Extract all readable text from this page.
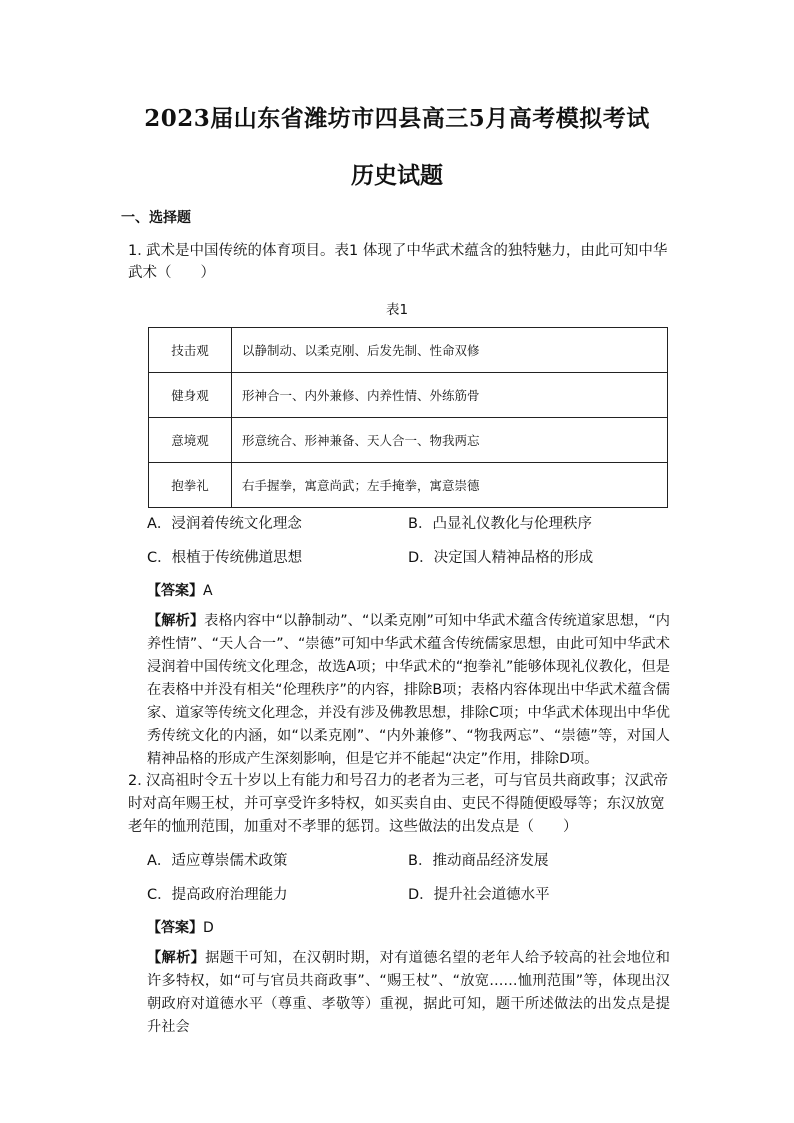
2023届山东省潍坊市四县高三5月高考模拟考试
历史试题
一、选择题
1．武术是中国传统的体育项目。表1 体现了中华武术蕴含的独特魅力，由此可知中华武术（　　）
表1
技击观	以静制动、以柔克刚、后发先制、性命双修
健身观	形神合一、内外兼修、内养性情、外练筋骨
意境观	形意统合、形神兼备、天人合一、物我两忘
抱拳礼	右手握拳，寓意尚武；左手掩拳，寓意崇德
A．浸润着传统文化理念	B．凸显礼仪教化与伦理秩序
C．根植于传统佛道思想	D．决定国人精神品格的形成
【答案】A
【解析】表格内容中“以静制动”、“以柔克刚”可知中华武术蕴含传统道家思想，“内养性情”、“天人合一”、“崇德”可知中华武术蕴含传统儒家思想，由此可知中华武术浸润着中国传统文化理念，故选A项；中华武术的“抱拳礼”能够体现礼仪教化，但是在表格中并没有相关“伦理秩序”的内容，排除B项；表格内容体现出中华武术蕴含儒家、道家等传统文化理念，并没有涉及佛教思想，排除C项；中华武术体现出中华优秀传统文化的内涵，如“以柔克刚”、“内外兼修”、“物我两忘”、“崇德”等，对国人精神品格的形成产生深刻影响，但是它并不能起“决定”作用，排除D项。
2．汉高祖时令五十岁以上有能力和号召力的老者为三老，可与官员共商政事；汉武帝时对高年赐王杖，并可享受许多特权，如买卖自由、吏民不得随便殴辱等；东汉放宽老年的恤刑范围，加重对不孝罪的惩罚。这些做法的出发点是（　　）
A．适应尊崇儒术政策	B．推动商品经济发展
C．提高政府治理能力	D．提升社会道德水平
【答案】D
【解析】据题干可知，在汉朝时期，对有道德名望的老年人给予较高的社会地位和许多特权，如“可与官员共商政事”、“赐王杖”、“放宽……恤刑范围”等，体现出汉朝政府对道德水平（尊重、孝敬等）重视，据此可知，题干所述做法的出发点是提升社会
